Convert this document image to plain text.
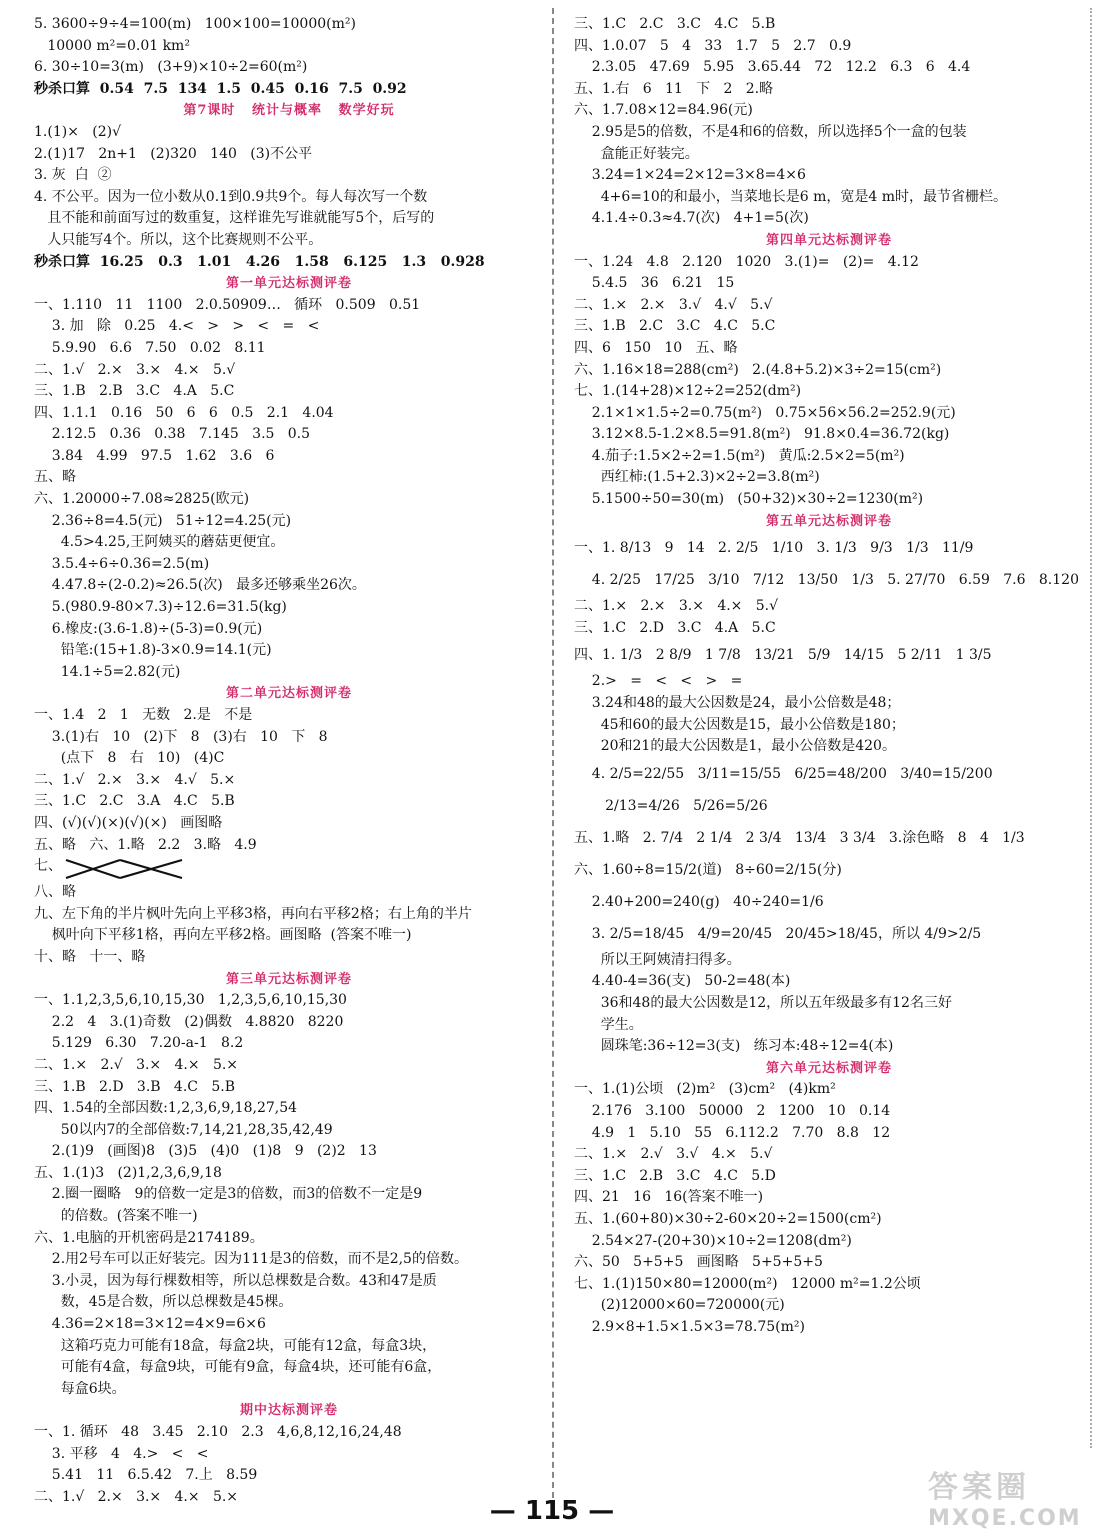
5. 3600÷9÷4=100(m)   100×100=10000(m²)
10000 m²=0.01 km²
6. 30÷10=3(m)   (3+9)×10÷2=60(m²)
秒杀口算  0.54  7.5  134  1.5  0.45  0.16  7.5  0.92
第7课时   统计与概率   数学好玩
1.(1)×   (2)√
2.(1)17   2n+1   (2)320   140   (3)不公平
3. 灰  白  ②
4. 不公平。因为一位小数从0.1到0.9共9个。每人每次写一个数
且不能和前面写过的数重复，这样谁先写谁就能写5个，后写的
人只能写4个。所以，这个比赛规则不公平。
秒杀口算  16.25   0.3   1.01   4.26   1.58   6.125   1.3   0.928
第一单元达标测评卷
一、1.110   11   1100   2.0.50909…   循环   0.509   0.51
3. 加   除   0.25   4.<   >   >   <   =   <
5.9.90   6.6   7.50   0.02   8.11
二、1.√   2.×   3.×   4.×   5.√
三、1.B   2.B   3.C   4.A   5.C
四、1.1.1   0.16   50   6   6   0.5   2.1   4.04
2.12.5   0.36   0.38   7.145   3.5   0.5
3.84   4.99   97.5   1.62   3.6   6
五、略
六、1.20000÷7.08≈2825(欧元)
2.36÷8=4.5(元)   51÷12=4.25(元)
4.5>4.25,王阿姨买的蘑菇更便宜。
3.5.4÷6÷0.36=2.5(m)
4.47.8÷(2-0.2)≈26.5(次)   最多还够乘坐26次。
5.(980.9-80×7.3)÷12.6=31.5(kg)
6.橡皮:(3.6-1.8)÷(5-3)=0.9(元)
铅笔:(15+1.8)-3×0.9=14.1(元)
14.1÷5=2.82(元)
第二单元达标测评卷
一、1.4   2   1   无数   2.是   不是
3.(1)右   10   (2)下   8   (3)右   10   下   8
(点下   8   右   10)   (4)C
二、1.√   2.×   3.×   4.√   5.×
三、1.C   2.C   3.A   4.C   5.B
四、(√)(√)(×)(√)(×)   画图略
五、略   六、1.略   2.2   3.略   4.9
七、
八、略
九、左下角的半片枫叶先向上平移3格，再向右平移2格；右上角的半片
枫叶向下平移1格，再向左平移2格。画图略  (答案不唯一)
十、略   十一、略
第三单元达标测评卷
一、1.1,2,3,5,6,10,15,30   1,2,3,5,6,10,15,30
2.2   4   3.(1)奇数   (2)偶数   4.8820   8220
5.129   6.30   7.20-a-1   8.2
二、1.×   2.√   3.×   4.×   5.×
三、1.B   2.D   3.B   4.C   5.B
四、1.54的全部因数:1,2,3,6,9,18,27,54
50以内7的全部倍数:7,14,21,28,35,42,49
2.(1)9   (画图)8   (3)5   (4)0   (1)8   9   (2)2   13
五、1.(1)3   (2)1,2,3,6,9,18
2.圈一圈略   9的倍数一定是3的倍数，而3的倍数不一定是9
的倍数。(答案不唯一)
六、1.电脑的开机密码是2174189。
2.用2号车可以正好装完。因为111是3的倍数，而不是2,5的倍数。
3.小灵，因为每行棵数相等，所以总棵数是合数。43和47是质
数，45是合数，所以总棵数是45棵。
4.36=2×18=3×12=4×9=6×6
这箱巧克力可能有18盒，每盒2块，可能有12盒，每盒3块，
可能有4盒，每盒9块，可能有9盒，每盒4块，还可能有6盒，
每盒6块。
期中达标测评卷
一、1. 循环   48   3.45   2.10   2.3   4,6,8,12,16,24,48
3. 平移   4   4.>   <   <
5.41   11   6.5.42   7.上   8.59
二、1.√   2.×   3.×   4.×   5.×
三、1.C   2.C   3.C   4.C   5.B
四、1.0.07   5   4   33   1.7   5   2.7   0.9
2.3.05   47.69   5.95   3.65.44   72   12.2   6.3   6   4.4
五、1.右   6   11   下   2   2.略
六、1.7.08×12=84.96(元)
2.95是5的倍数，不是4和6的倍数，所以选择5个一盒的包装
盒能正好装完。
3.24=1×24=2×12=3×8=4×6
4+6=10的和最小，当菜地长是6 m，宽是4 m时，最节省栅栏。
4.1.4÷0.3≈4.7(次)   4+1=5(次)
第四单元达标测评卷
一、1.24   4.8   2.120   1020   3.(1)=   (2)=   4.12
5.4.5   36   6.21   15
二、1.×   2.×   3.√   4.√   5.√
三、1.B   2.C   3.C   4.C   5.C
四、6   150   10   五、略
六、1.16×18=288(cm²)   2.(4.8+5.2)×3÷2=15(cm²)
七、1.(14+28)×12÷2=252(dm²)
2.1×1×1.5÷2=0.75(m²)   0.75×56×56.2=252.9(元)
3.12×8.5-1.2×8.5=91.8(m²)   91.8×0.4=36.72(kg)
4.茄子:1.5×2÷2=1.5(m²)   黄瓜:2.5×2=5(m²)
西红柿:(1.5+2.3)×2÷2=3.8(m²)
5.1500÷50=30(m)   (50+32)×30÷2=1230(m²)
第五单元达标测评卷
一、1. 8/13   9   14   2. 2/5   1/10   3. 1/3   9/3   1/3   11/9
4. 2/25   17/25   3/10   7/12   13/50   1/3   5. 27/70   6.59   7.6   8.120
二、1.×   2.×   3.×   4.×   5.√
三、1.C   2.D   3.C   4.A   5.C
四、1. 1/3   2 8/9   1 7/8   13/21   5/9   14/15   5 2/11   1 3/5
2.>   =   <   <   >   =
3.24和48的最大公因数是24，最小公倍数是48；
45和60的最大公因数是15，最小公倍数是180；
20和21的最大公因数是1，最小公倍数是420。
4. 2/5=22/55   3/11=15/55   6/25=48/200   3/40=15/200
2/13=4/26   5/26=5/26
五、1.略   2. 7/4   2 1/4   2 3/4   13/4   3 3/4   3.涂色略   8   4   1/3
六、1.60÷8=15/2(道)   8÷60=2/15(分)
2.40+200=240(g)   40÷240=1/6
3. 2/5=18/45   4/9=20/45   20/45>18/45，所以 4/9>2/5
所以王阿姨清扫得多。
4.40-4=36(支)   50-2=48(本)
36和48的最大公因数是12，所以五年级最多有12名三好
学生。
圆珠笔:36÷12=3(支)   练习本:48÷12=4(本)
第六单元达标测评卷
一、1.(1)公顷   (2)m²   (3)cm²   (4)km²
2.176   3.100   50000   2   1200   10   0.14
4.9   1   5.10   55   6.112.2   7.70   8.8   12
二、1.×   2.√   3.√   4.×   5.√
三、1.C   2.B   3.C   4.C   5.D
四、21   16   16(答案不唯一)
五、1.(60+80)×30÷2-60×20÷2=1500(cm²)
2.54×27-(20+30)×10÷2=1208(dm²)
六、50   5+5+5   画图略   5+5+5+5
七、1.(1)150×80=12000(m²)   12000 m²=1.2公顷
(2)12000×60=720000(元)
2.9×8+1.5×1.5×3=78.75(m²)
— 115 —
答案圈
MXQE.COM
